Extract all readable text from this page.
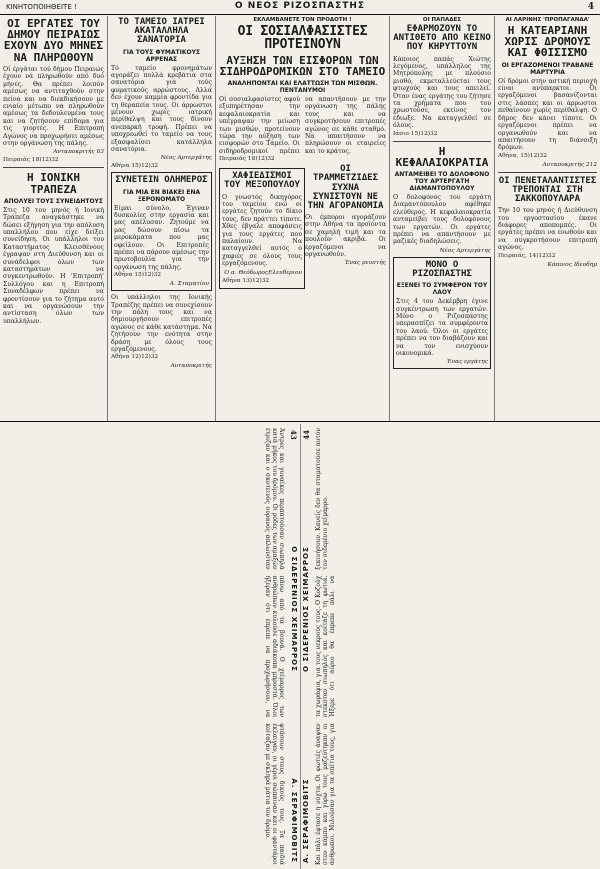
ΚΙΝΗΤΟΠΟΙΗΘΕΙΤΕ !	Ο ΝΕΟΣ ΡΙΖΟΣΠΑΣΤΗΣ	4
ΟΙ ΕΡΓΑΤΕΣ ΤΟΥ ΔΗΜΟΥ ΠΕΙΡΑΙΩΣ ΕΧΟΥΝ ΔΥΟ ΜΗΝΕΣ ΝΑ ΠΛΗΡΩΘΟΥΝ
Οί έργάται τού δήμου Πειραιώς έχουν νά πληρωθούν από δυό μήνες. Θα πρέπει λοιπόν αμέσως να αντιταχθούν στην πείνα και να διεκδικήσουν με ενιαίο μέτωπο να πληρωθούν αμέσως τα δεδουλευμένα τους και να ζητήσουν επίδομα για τις γιορτές. Η Επιτροπή Αγώνος να προχωρήσει αμέσως στην οργάνωση της πάλης.
Ανταποκριτής 63
Πειραιάς 18)12)32
Η ΙΟΝΙΚΗ ΤΡΑΠΕΖΑ
ΑΠΟΛΥΕΙ ΤΟΥΣ ΣΥΝΕΙΔΗΤΟΥΣ
Στις 10 του μηνός ή Ιονική Τράπεζα αναγκάστηκε να δώσει εξήγηση για την απόλυση υπαλλήλου που είχε δείξει συνείδηση. Οι υπάλληλοι του Καταστήματος Κλεισθένους έγραψαν στη Διεύθυνση και οι συνάδελφοι όλων των καταστημάτων να συγκεντρωθούν. Η 'Επιτροπή' Συλλόγου και η Επιτροπή Συναδέλφων πρέπει να φροντίσουν για το ζήτημα αυτό και να οργανώσουν την αντίσταση όλων των υπαλλήλων.
ΤΟ ΤΑΜΕΙΟ ΙΑΤΡΕΙ ΑΚΑΤΑΛΛΗΛΑ ΣΑΝΑΤΟΡΙΑ
ΓΙΑ ΤΟΥΣ ΦΥΜΑΤΙΚΟΥΣ ΑΡΡΕΝΑΣ
Τό ταμείο φρονημάτων αγοράζει πολλά κρεβάτια στα σανατόρια γιά τούς φυματικούς αρρώστους. Αλλά δεν έχουν καμμία φροντίδα για τη θεραπεία τους. Οι άρρωστοι μένουν χωρίς ιατρική περίθαλψη και τους δίνουν ανεπαρκή τροφή. Πρέπει να υποχρεωθεί το ταμείο να τους εξασφαλίσει κατάλληλα σανατόρια.
Νέος Αρτεργάτης
Αθήνα 15)12)32
ΣΥΝΕΤΕΙΝ ΟΛΗΜΕΡΟΣ
ΓΙΑ ΜΙΑ ΕΝ ΒΙΑΚΕΙ ΕΝΑ ΞΕΡΟΝΟΜΑΤΟ
Είμαι σύνολο. Έγιναν δυσκολίες στην εργασία και μας απέλυσαν. Ζητούμε να μας δώσουν πίσω τα μεροκάματα που μας οφείλουν. Οι Επιτροπές πρέπει να πάρουν αμέσως την πρωτοβουλία για την οργάνωση της πάλης.
Αθήνα 15)12)32
Α. Σταματίου
Οι υπάλληλοι της Ιονικής Τραπέζης πρέπει να συνεχίσουν την πάλη τους και να δημιουργήσουν επιτροπές αγώνος σε κάθε κατάστημα. Να ζητήσουν την ενότητα στην δράση με όλους τους εργαζόμενους.
Αθήνα 12)12)32
Ανταποκριτής
ΕΚΛΑΜΒΑΝΕΤΕ ΤΟΝ ΠΡΟΔΟΤΗ !
ΟΙ ΣΟΣΙΑΛΦΑΣΙΣΤΕΣ ΠΡΟΤΕΙΝΟΥΝ
ΑΥΞΗΣΗ ΤΩΝ ΕΙΣΦΟΡΩΝ ΤΩΝ ΣΙΔΗΡΟΔΡΟΜΙΚΩΝ ΣΤΟ ΤΑΜΕΙΟ
ΑΝΑΛΗΠΟΝΤΑΙ ΚΑΙ ΕΛΑΤΤΩΣΗ ΤΩΝ ΜΙΣΘΩΝ. ΠΕΝΤΑΝΥΜΟΙ
Οί σοσιαλφασίστες αφού εξυπηρέτησαν την κεφαλαιοκρατία και υπέγραψαν την μείωση των μισθών, προτείνουν τώρα την αύξηση των εισφορών στο Ταμείο. Οι σιδηροδρομικοί πρέπει να απαντήσουν με την οργάνωση της πάλης τους και να συγκροτήσουν επιτροπές αγώνος σε κάθε σταθμό. Να απαιτήσουν να πληρώσουν οι εταιρείες και το κράτος.
Πειραιάς 18)12)32
ΧΑΦΙΕΔΙΣΜΟΙ ΤΟΥ ΜΕΞΟΠΟΥΛΟΥ
Ο γνωστός δικηγόρος του ταμείου ενώ οι εργάτες ζητούν το δίκιο τους, δεν πράττει τίποτε. Χθες έβγαλε αποφάσεις για τους εργάτες που παλαίουν. Να καταγγελθεί αυτός ο χαφιές σε όλους τους εργαζόμενους.
Ο α. ΘεόδωροςΕλευθεριου
Αθήνα 13)12)32
ΟΙ ΤΡΑΜΜΕΤΖΙΔΕΣ ΣΥΧΝΑ ΣΥΝΙΣΤΟΥΝ ΝΕ ΤΗΝ ΑΓΟΡΑΝΟΜΙΑ
Οι έμποροι αγοράζουν στην Αθήνα τα προϊόντα σε χαμηλή τιμή και τα πουλούν ακριβά. Οι εργαζόμενοι να οργανωθούν.
Ένας ρευστής
ΟΙ ΠΑΠΑΔΕΣ
ΕΦΑΡΜΟΖΟΥΝ ΤΟ ΑΝΤΙΘΕΤΟ ΑΠΟ ΚΕΙΝΟ ΠΟΥ ΚΗΡΥΤΤΟΥΝ
Κάποιος παπάς Χιώτης λεγόμενος, υπάλληλος της Μητρόπολης με πλούσιο μισθό, εκμεταλλεύεται τους φτωχούς και τους απειλεί. Όταν ένας εργάτης του ζήτησε τα χρήματα που του χρωστούσε, εκείνος τον έδιωξε. Να καταγγελθεί σε όλους.
Ιάσιο 15)12)32
Η ΚΕΦΑΛΑΙΟΚΡΑΤΙΑ
ΑΝΤΑΜΕΙΒΕΙ ΤΟ ΔΟΛΟΦΟΝΟ ΤΟΥ ΑΡΤΕΡΓΑΤΗ ΔΙΑΜΑΝΤΟΠΟΥΛΟΥ
Ο δολοφόνος του εργάτη Διαμαντόπουλου αφέθηκε ελεύθερος. Η κεφαλαιοκρατία ανταμείβει τους δολοφόνους των εργατών. Οι εργάτες πρέπει να απαντήσουν με μαζικές διαδηλώσεις.
Νέος Αρτεργάτης
ΜΟΝΟ Ο ΡΙΖΟΣΠΑΣΤΗΣ
ΕΞΕΝΕΙ ΤΟ ΣΥΜΦΕΡΟΝ ΤΟΥ ΛΑΟΥ
Στις 4 του Δεκέμβρη έγινε συγκέντρωση των εργατών. Μόνο ο Ριζοσπάστης υπερασπίζει τα συμφέροντα του λαού. Όλοι οι εργάτες πρέπει να τον διαβάζουν και να τον ενισχύουν οικονομικά.
Ένας εργάτης
ΑΙ ΛΑΡΙΝΗΣ 'ΠΡΟΠΑΓΑΝΔΑ'
Η ΚΑΤΕΑΡΙΑΝΗ ΧΩΡΙΣ ΔΡΟΜΟΥΣ ΚΑΙ ΦΘΙΣΙΣΜΟ
ΟΙ ΕΡΓΑΖΟΜΕΝΟΙ ΤΡΑΒΑΝΕ ΜΑΡΤΥΡΙΑ
Οί δρόμοι στην αστική περιοχή είναι ανύπαρκτοι. Οι εργαζόμενοι βασανίζονται στις λάσπες και οι άρρωστοι πεθαίνουν χωρίς περίθαλψη. Ο δήμος δεν κάνει τίποτε. Οι εργαζόμενοι πρέπει να οργανωθούν και να απαιτήσουν τη διάνοιξη δρόμων.
Αθήνα, 15)12)32
Ανταποκριτής 212
ΟΙ ΠΕΝΕΤΑΛΑΝΤΙΣΤΕΣ ΤΡΕΠΟΝΤΑΙ ΣΤΗ ΣΑΚΚΟΠΟΥΛΑΡΑ
Την 10 του μηνός ή Διεύθυνση του εργοστασίου έκανε διάφορες αποπομπές. Οι εργάτες πρέπει να ενωθούν και να συγκροτήσουν επιτροπή αγώνος.
Πειραιάς, 14)12)32
Κάποιος Ιδεοδημ
43
Ο ΣΙΔΕΡΕΝΙΟΣ ΧΕΙΜΑΡΡΟΣ
Α. ΣΕΡΑΦΙΜΟΒΙΤΣ
Άντρες και γυναίκες περπατούσαν σιωπηλά κατά μήκος του δρόμου. Οι ρόδες των αμαξών έτριζαν και ο σκοτεινός ουρανός απλωνόταν πάνω από τα βουνά. Ο χείμαρρος των ανθρώπων κυλούσε αδιάκοπα μπροστά. Όλοι ήξεραν ότι έπρεπε να προχωρήσουν, να φτάσουν στους δικούς τους. Τα παιδιά έκλαιγαν, οι γέροι σώπαιναν και οι φαντάροι κοίταζαν με σκληρά μάτια τον δρόμο.	Α. ΣΕΡΑΦΙΜΟΒΙΤΣ
Ο ΣΙΔΕΡΕΝΙΟΣ ΧΕΙΜΑΡΡΟΣ
44
Και πάλι έφτασε η νύχτα. Οι φωτιές άναψαν στον κάμπο και γύρω τους μαζεύτηκαν οι άνθρωποι. Μιλούσαν για τα σπίτια τους, για τα χωράφια, για τους νεκρούς τους. Ο Κοζούχ στεκόταν σιωπηλός και κοίταζε τη φωτιά. Ήξερε ότι αύριο θα έπρεπε πάλι να ξεκινήσουν. Κανείς δεν θα σταματούσε αυτόν τον σιδερένιο χείμαρρο.
